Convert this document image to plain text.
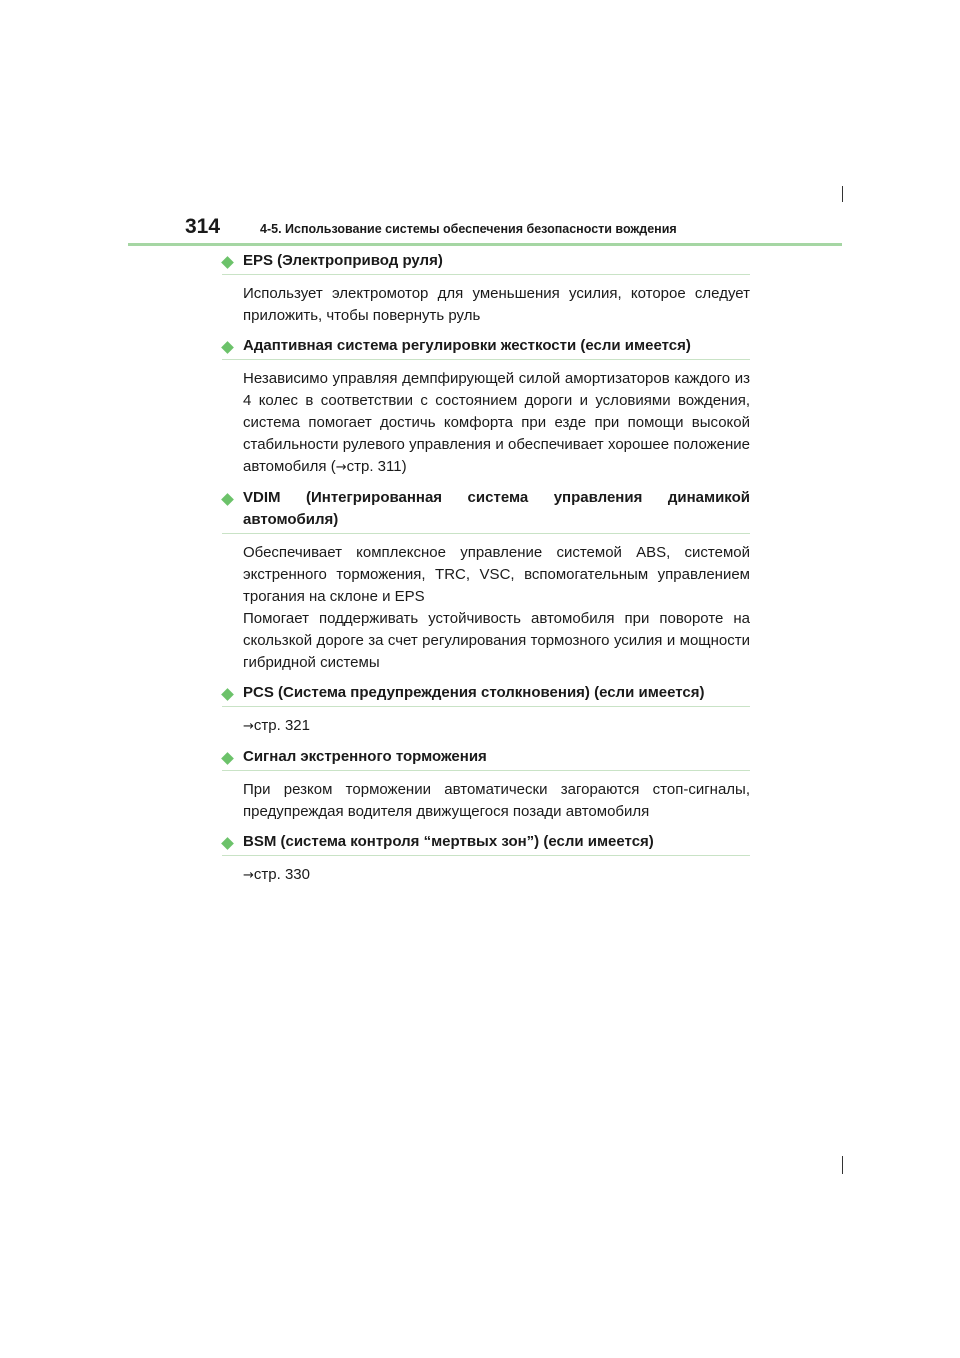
314	4-5. Использование системы обеспечения безопасности вождения
EPS (Электропривод руля)

Использует электромотор для уменьшения усилия, которое следует приложить, чтобы повернуть руль

Адаптивная система регулировки жесткости (если имеется)

Независимо управляя демпфирующей силой амортизаторов каждого из 4 колес в соответствии с состоянием дороги и условиями вождения, система помогает достичь комфорта при езде при помощи высокой стабильности рулевого управления и обеспечивает хорошее положение автомобиля (→стр. 311)

VDIM (Интегрированная система управления динамикой автомобиля)

Обеспечивает комплексное управление системой ABS, системой экстренного торможения, TRC, VSC, вспомогательным управлением трогания на склоне и EPS

Помогает поддерживать устойчивость автомобиля при повороте на скользкой дороге за счет регулирования тормозного усилия и мощности гибридной системы

PCS (Система предупреждения столкновения) (если имеется)

→стр. 321

Сигнал экстренного торможения

При резком торможении автоматически загораются стоп-сигналы, предупреждая водителя движущегося позади автомобиля

BSM (система контроля “мертвых зон”) (если имеется)

→стр. 330
